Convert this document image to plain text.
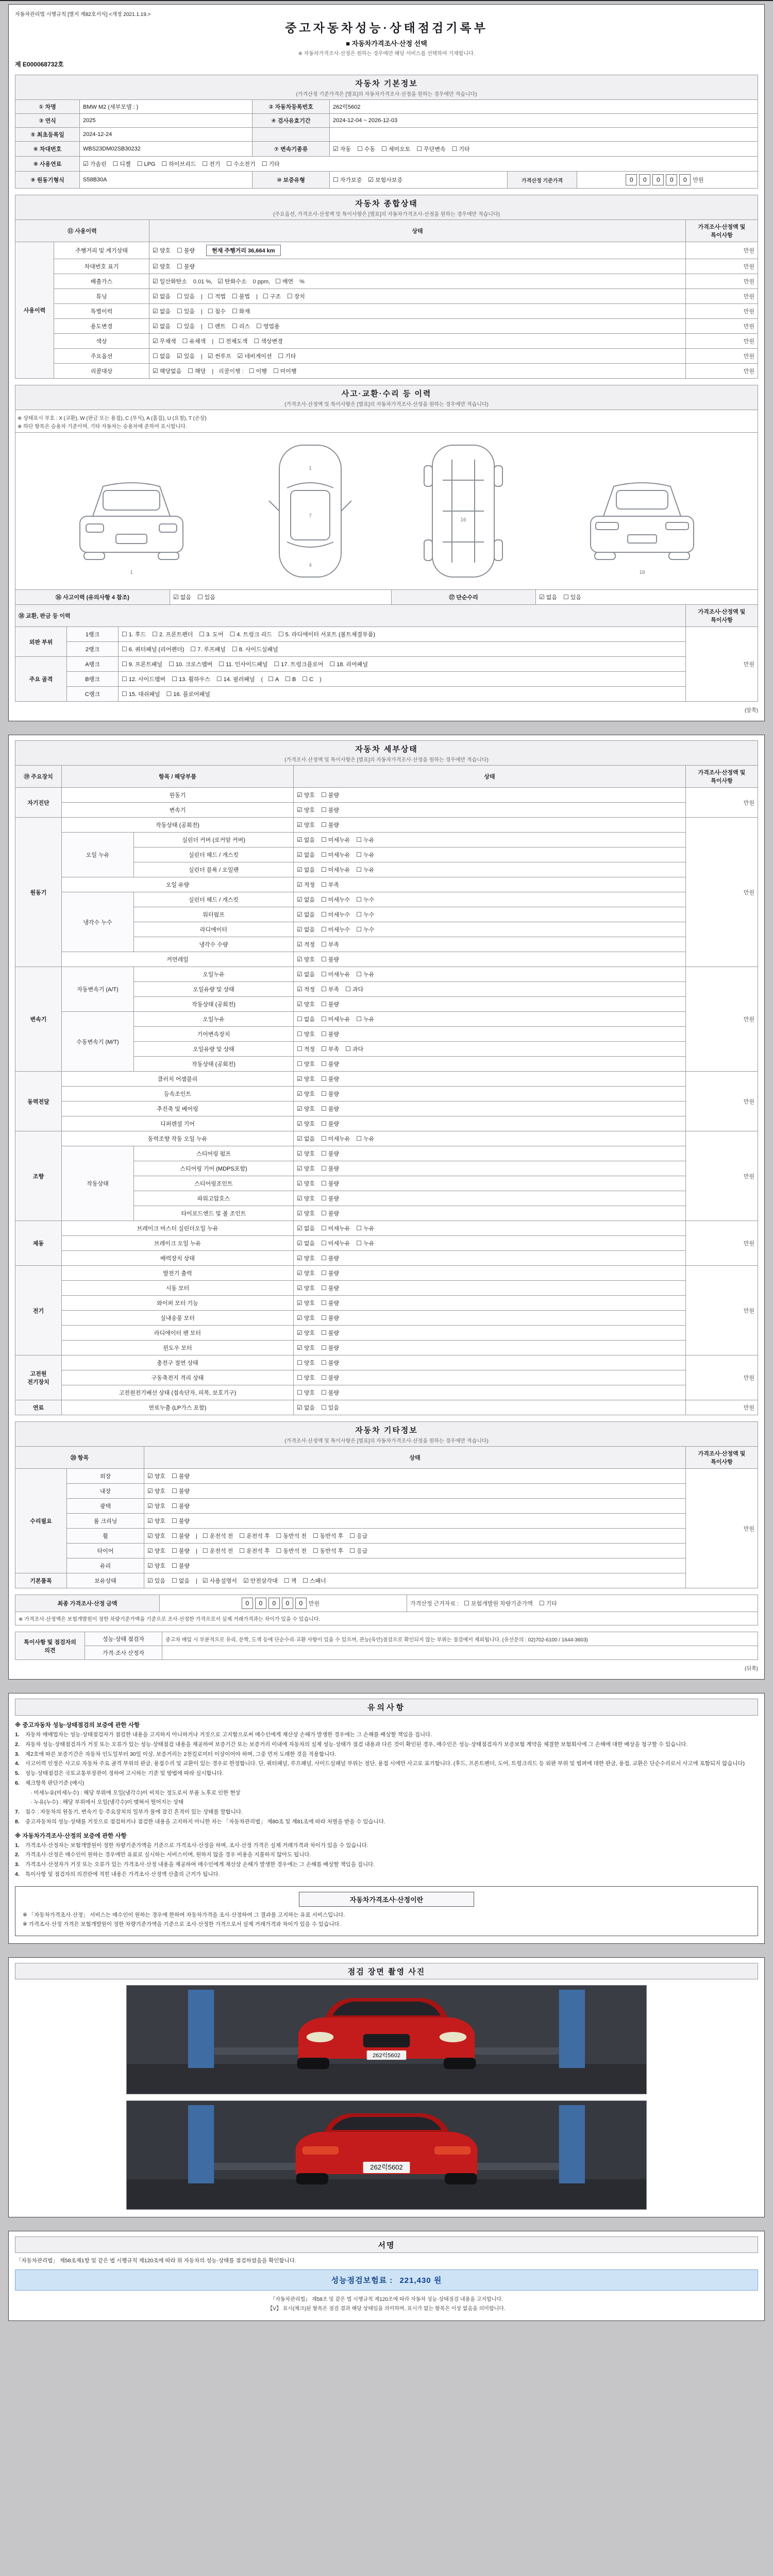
자동차관리법 시행규칙 [별지 제82호서식] <개정 2021.1.19.>
중고자동차성능·상태점검기록부
■ 자동차가격조사·산정 선택
※ 자동차가격조사·산정은 원하는 경우에만 해당 서비스를 선택하여 기재합니다.
제 E000068732호
자동차 기본정보
(가격산정 기준가격은 [별표]의 자동차가격조사·산정을 원하는 경우에만 적습니다)
① 차명	BMW M2 (세부모델 : )	② 자동차등록번호	262럭5602		
③ 연식	2025	④ 검사유효기간	2024-12-04 ~ 2026-12-03		
⑤ 최초등록일	2024-12-24				
⑥ 차대번호	WBS23DM02SB30232	⑦ 변속기종류	☑ 자동 ☐ 수동 ☐ 세미오토 ☐ 무단변속 ☐ 기타		
⑧ 사용연료	☑ 가솔린 ☐ 디젤 ☐ LPG ☐ 하이브리드 ☐ 전기 ☐ 수소전기 ☐ 기타				
⑨ 원동기형식	S58B30A	⑩ 보증유형	☐ 자가보증 ☑ 보험사보증	가격산정 기준가격	0 0 0 0 0 만원
자동차 종합상태
(주요옵션, 가격조사·산정액 및 특이사항은 [별표]의 자동차가격조사·산정을 원하는 경우에만 적습니다)
⑪ 사용이력		상태	가격조사·산정액 및 특이사항
사용이력	주행거리 및 계기상태	☑ 양호 ☐ 불량 현재 주행거리 36,664 km	만원
	차대번호 표기	☑ 양호 ☐ 불량	만원
	배출가스	☑ 일산화탄소 0.01 %, ☑ 탄화수소 0 ppm, ☐ 매연 %	만원
	튜닝	☑ 없음 ☐ 있음 | ☐ 적법 ☐ 불법 | ☐ 구조 ☐ 장치	만원
	특별이력	☑ 없음 ☐ 있음 | ☐ 침수 ☐ 화재	만원
	용도변경	☑ 없음 ☐ 있음 | ☐ 렌트 ☐ 리스 ☐ 영업용	만원
	색상	☑ 무채색 ☐ 유채색 | ☐ 전체도색 ☐ 색상변경	만원
	주요옵션	☐ 없음 ☑ 있음 | ☑ 썬루프 ☑ 네비게이션 ☐ 기타	만원
	리콜대상	☑ 해당없음 ☐ 해당 | 리콜이행 : ☐ 이행 ☐ 미이행	만원
사고·교환·수리 등 이력
(가격조사·산정액 및 특이사항은 [별표]의 자동차가격조사·산정을 원하는 경우에만 적습니다)
※ 상태표시 부호 : X (교환), W (판금 또는 용접), C (부식), A (흠집), U (요철), T (손상)
※ 하단 항목은 승용차 기준이며, 기타 자동차는 승용차에 준하여 표시합니다.
1
1
7
4
16
18
⑯ 사고이력 (유의사항 4 참조)	☑ 없음 ☐ 있음	⑰ 단순수리	☑ 없음 ☐ 있음
⑱ 교환, 판금 등 이력			가격조사·산정액 및 특이사항
외판 부위	1랭크	☐ 1. 후드 ☐ 2. 프론트펜더 ☐ 3. 도어 ☐ 4. 트렁크 리드 ☐ 5. 라디에이터 서포트 (볼트체결부품)	만원
	2랭크	☐ 6. 쿼터패널 (리어펜더) ☐ 7. 루프패널 ☐ 8. 사이드실패널	
주요 골격	A랭크	☐ 9. 프론트패널 ☐ 10. 크로스멤버 ☐ 11. 인사이드패널 ☐ 17. 트렁크플로어 ☐ 18. 리어패널	
	B랭크	☐ 12. 사이드멤버 ☐ 13. 휠하우스 ☐ 14. 필러패널 ( ☐ A ☐ B ☐ C )	
	C랭크	☐ 15. 대쉬패널 ☐ 16. 플로어패널	
(앞쪽)
자동차 세부상태
(가격조사·산정액 및 특이사항은 [별표]의 자동차가격조사·산정을 원하는 경우에만 적습니다)
⑲ 주요장치	항목 / 해당부품		상태	가격조사·산정액 및 특이사항
자기진단	원동기		☑ 양호 ☐ 불량	만원
	변속기		☑ 양호 ☐ 불량	
원동기	작동상태 (공회전)		☑ 양호 ☐ 불량	만원
	오일 누유	실린더 커버 (로커암 커버)	☑ 없음 ☐ 미세누유 ☐ 누유	
		실린더 헤드 / 개스킷	☑ 없음 ☐ 미세누유 ☐ 누유	
		실린더 블록 / 오일팬	☑ 없음 ☐ 미세누유 ☐ 누유	
	오일 유량		☑ 적정 ☐ 부족	
	냉각수 누수	실린더 헤드 / 개스킷	☑ 없음 ☐ 미세누수 ☐ 누수	
		워터펌프	☑ 없음 ☐ 미세누수 ☐ 누수	
		라디에이터	☑ 없음 ☐ 미세누수 ☐ 누수	
		냉각수 수량	☑ 적정 ☐ 부족	
	커먼레일		☑ 양호 ☐ 불량	
변속기	자동변속기 (A/T)	오일누유	☑ 없음 ☐ 미세누유 ☐ 누유	만원
		오일유량 및 상태	☑ 적정 ☐ 부족 ☐ 과다	
		작동상태 (공회전)	☑ 양호 ☐ 불량	
	수동변속기 (M/T)	오일누유	☐ 없음 ☐ 미세누유 ☐ 누유	
		기어변속장치	☐ 양호 ☐ 불량	
		오일유량 및 상태	☐ 적정 ☐ 부족 ☐ 과다	
		작동상태 (공회전)	☐ 양호 ☐ 불량	
동력전달	클러치 어셈블리		☑ 양호 ☐ 불량	만원
	등속조인트		☑ 양호 ☐ 불량	
	추진축 및 베어링		☑ 양호 ☐ 불량	
	디퍼렌셜 기어		☑ 양호 ☐ 불량	
조향	동력조향 작동 오일 누유		☑ 없음 ☐ 미세누유 ☐ 누유	만원
	작동상태	스티어링 펌프	☑ 양호 ☐ 불량	
		스티어링 기어 (MDPS포함)	☑ 양호 ☐ 불량	
		스티어링조인트	☑ 양호 ☐ 불량	
		파워고압호스	☑ 양호 ☐ 불량	
		타이로드엔드 및 볼 조인트	☑ 양호 ☐ 불량	
제동	브레이크 마스터 실린더오일 누유		☑ 없음 ☐ 미세누유 ☐ 누유	만원
	브레이크 오일 누유		☑ 없음 ☐ 미세누유 ☐ 누유	
	배력장치 상태		☑ 양호 ☐ 불량	
전기	발전기 출력		☑ 양호 ☐ 불량	만원
	시동 모터		☑ 양호 ☐ 불량	
	와이퍼 모터 기능		☑ 양호 ☐ 불량	
	실내송풍 모터		☑ 양호 ☐ 불량	
	라디에이터 팬 모터		☑ 양호 ☐ 불량	
	윈도우 모터		☑ 양호 ☐ 불량	
고전원 전기장치	충전구 절연 상태		☐ 양호 ☐ 불량	만원
	구동축전지 격리 상태		☐ 양호 ☐ 불량	
	고전원전기배선 상태 (접속단자, 피복, 보호기구)		☐ 양호 ☐ 불량	
연료	연료누출 (LP가스 포함)		☑ 없음 ☐ 있음	만원
자동차 기타정보
(가격조사·산정액 및 특이사항은 [별표]의 자동차가격조사·산정을 원하는 경우에만 적습니다)
⑳ 항목		상태	가격조사·산정액 및 특이사항
수리필요	외장	☑ 양호 ☐ 불량	만원
	내장	☑ 양호 ☐ 불량	
	광택	☑ 양호 ☐ 불량	
	룸 크리닝	☑ 양호 ☐ 불량	
	휠	☑ 양호 ☐ 불량 | ☐ 운전석 전 ☐ 운전석 후 ☐ 동반석 전 ☐ 동반석 후 ☐ 응급	
	타이어	☑ 양호 ☐ 불량 | ☐ 운전석 전 ☐ 운전석 후 ☐ 동반석 전 ☐ 동반석 후 ☐ 응급	
	유리	☑ 양호 ☐ 불량	
기본품목	보유상태	☑ 있음 ☐ 없음 | ☑ 사용설명서 ☑ 안전삼각대 ☐ 잭 ☐ 스패너	
최종 가격조사·산정 금액	0 0 0 0 0 만원	가격산정 근거자료 : ☐ 보험개발원 차량기준가액 ☐ 기타
※ 가격조사·산정액은 보험개발원이 정한 차량기준가액을 기준으로 조사·산정한 가격으로서 실제 거래가격과는 차이가 있을 수 있습니다.
특이사항 및 점검자의 의견	성능·상태 점검자	중고차 매입 시 부분적으로 유리, 문짝, 도색 등에 단순수리·교환 사항이 있을 수 있으며, 관능(육안)점검으로 확인되지 않는 부위는 점검에서 제외됩니다. (유선문의 : 02)702-6100 / 1644-3603)
	가격·조사 산정자	
(뒤쪽)
유의사항
※ 중고자동차 성능·상태점검의 보증에 관한 사항
1.	자동차 매매업자는 성능·상태점검자가 점검한 내용을 고지하지 아니하거나 거짓으로 고지함으로써 매수인에게 재산상 손해가 발생한 경우에는 그 손해를 배상할 책임을 집니다.
2.	자동차 성능·상태점검자가 거짓 또는 오류가 있는 성능·상태점검 내용을 제공하여 보증기간 또는 보증거리 이내에 자동차의 실제 성능·상태가 점검 내용과 다른 것이 확인된 경우, 매수인은 성능·상태점검자가 보증보험 계약을 체결한 보험회사에 그 손해에 대한 배상을 청구할 수 있습니다.
3.	제2호에 따른 보증기간은 자동차 인도일부터 30일 이상, 보증거리는 2천킬로미터 이상이어야 하며, 그중 먼저 도래한 것을 적용합니다.
4.	사고이력 인정은 사고로 자동차 주요 골격 부위의 판금, 용접수리 및 교환이 있는 경우로 한정합니다. 단, 쿼터패널, 루프패널, 사이드실패널 부위는 절단, 용접 시에만 사고로 표기합니다. (후드, 프론트펜더, 도어, 트렁크리드 등 외판 부위 및 범퍼에 대한 판금, 용접, 교환은 단순수리로서 사고에 포함되지 않습니다)
5.	성능·상태점검은 국토교통부장관이 정하여 고시하는 기준 및 방법에 따라 실시합니다.
6.	체크항목 판단기준 (예시)
· 미세누유(미세누수) : 해당 부위에 오일(냉각수)이 비치는 정도로서 부품 노후로 인한 현상
· 누유(누수) : 해당 부위에서 오일(냉각수)이 맺혀서 떨어지는 상태
7.	침수 : 자동차의 원동기, 변속기 등 주요장치의 일부가 물에 잠긴 흔적이 있는 상태를 말합니다.
8.	중고자동차의 성능·상태를 거짓으로 점검하거나 점검한 내용을 고지하지 아니한 자는 「자동차관리법」 제80조 및 제81조에 따라 처벌을 받을 수 있습니다.
※ 자동차가격조사·산정의 보증에 관한 사항
1.	가격조사·산정자는 보험개발원이 정한 차량기준가액을 기준으로 가격조사·산정을 하며, 조사·산정 가격은 실제 거래가격과 차이가 있을 수 있습니다.
2.	가격조사·산정은 매수인이 원하는 경우에만 유료로 실시하는 서비스이며, 원하지 않을 경우 비용을 지불하지 않아도 됩니다.
3.	가격조사·산정자가 거짓 또는 오류가 있는 가격조사·산정 내용을 제공하여 매수인에게 재산상 손해가 발생한 경우에는 그 손해를 배상할 책임을 집니다.
4.	특이사항 및 점검자의 의견란에 적힌 내용은 가격조사·산정액 산출의 근거가 됩니다.
자동차가격조사·산정이란
※ 「자동차가격조사·산정」 서비스는 매수인이 원하는 경우에 한하여 자동차가격을 조사·산정하여 그 결과를 고지하는 유료 서비스입니다.
※ 가격조사·산정 가격은 보험개발원이 정한 차량기준가액을 기준으로 조사·산정한 가격으로서 실제 거래가격과 차이가 있을 수 있습니다.
점검 장면 촬영 사진
262럭5602
262럭5602
서명
「자동차관리법」 제58조제1항 및 같은 법 시행규칙 제120조에 따라 위 자동차의 성능·상태를 점검하였음을 확인합니다.
성능점검보험료 : 221,430 원
『자동차관리법』 제58조 및 같은 법 시행규칙 제120조에 따라 자동차 성능·상태점검 내용을 고지합니다.
【V】 표시(체크)된 항목은 점검 결과 해당 상태임을 의미하며, 표시가 없는 항목은 이상 없음을 의미합니다.
